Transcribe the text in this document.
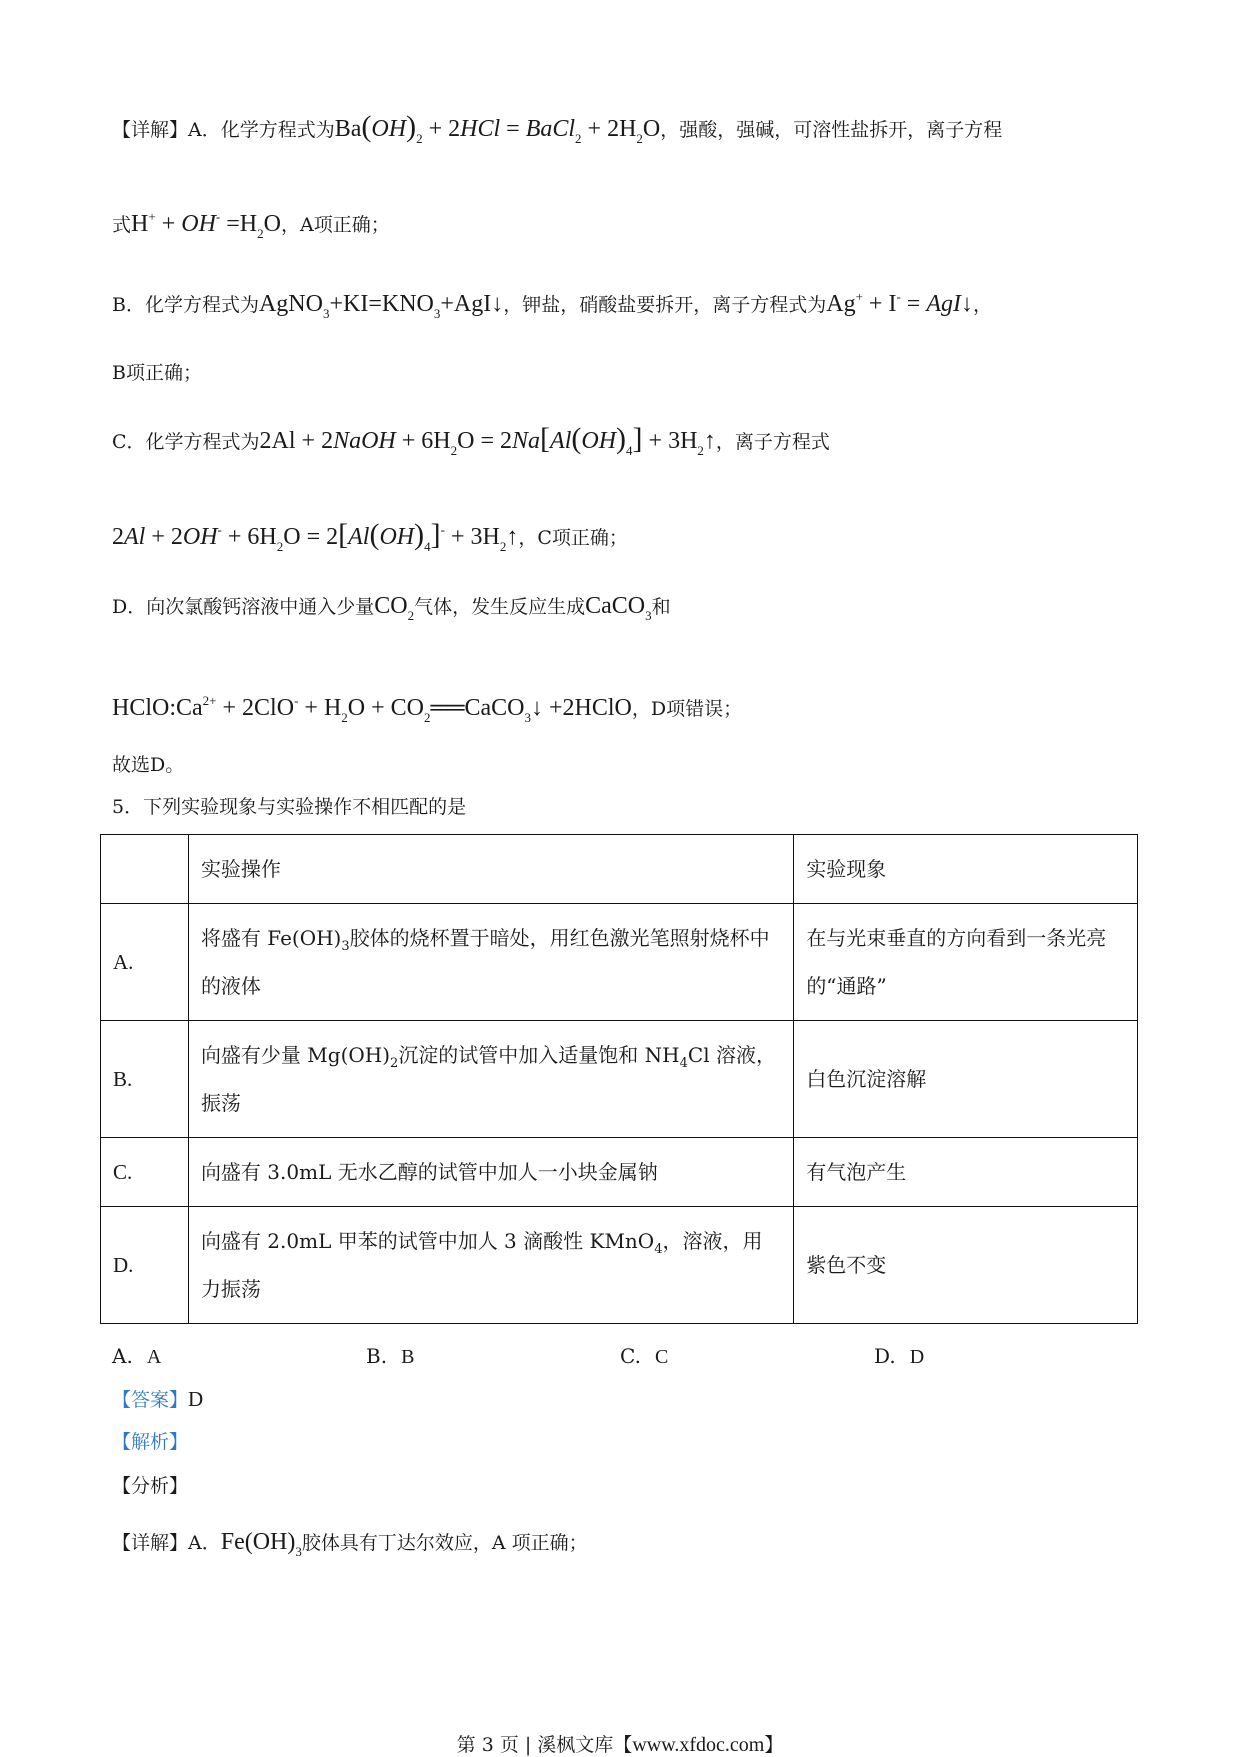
【详解】A．化学方程式为$Ba(OH)_2 + 2HCl$ = BaCl$_2$ + $2H_2O$，强酸，强碱，可溶性盐拆开，离子方程
式$H^+ + OH^- =H_2O$，A项正确；
B．化学方程式为$AgNO_3+KI=KNO_3+AgI↓$，钾盐，硝酸盐要拆开，离子方程式为Ag+ + I- = AgI↓，
B项正确；
C．化学方程式为2Al + 2NaOH + $6H_2O = 2Na[Al(OH)_4]$ + $3H_2↑$，离子方程式
$2Al + 2OH^- + 6H_2O = 2[Al(OH)_4]^-$ + $3H_2↑$，C项正确；
D．向次氯酸钙溶液中通入少量$CO_2$气体，发生反应生成CaCO$_3$和
$HClO:Ca^{2+} + 2ClO^- + H_2O$ + $CO_2══CaCO_3↓$ +2HClO，D项错误；
故选D。
5．下列实验现象与实验操作不相匹配的是
	实验操作	实验现象
A.	将盛有 $Fe(OH)_3$胶体的烧杯置于暗处，用红色激光笔照射烧杯中的液体	在与光束垂直的方向看到一条光亮的“通路”
B.	向盛有少量 $Mg(OH)_2$沉淀的试管中加入适量饱和 $NH_4Cl$ 溶液，振荡	白色沉淀溶解
C.	向盛有 3.0mL 无水乙醇的试管中加人一小块金属钠	有气泡产生
D.	向盛有 2.0mL 甲苯的试管中加人 3 滴酸性 KMnO$_4$，溶液，用力振荡	紫色不变
A. A	B. B	C. C	D. D
【答案】D
【解析】
【分析】
【详解】A．$Fe(OH)_3$胶体具有丁达尔效应，A 项正确；
第 3 页 | 溪枫文库【www.xfdoc.com】
